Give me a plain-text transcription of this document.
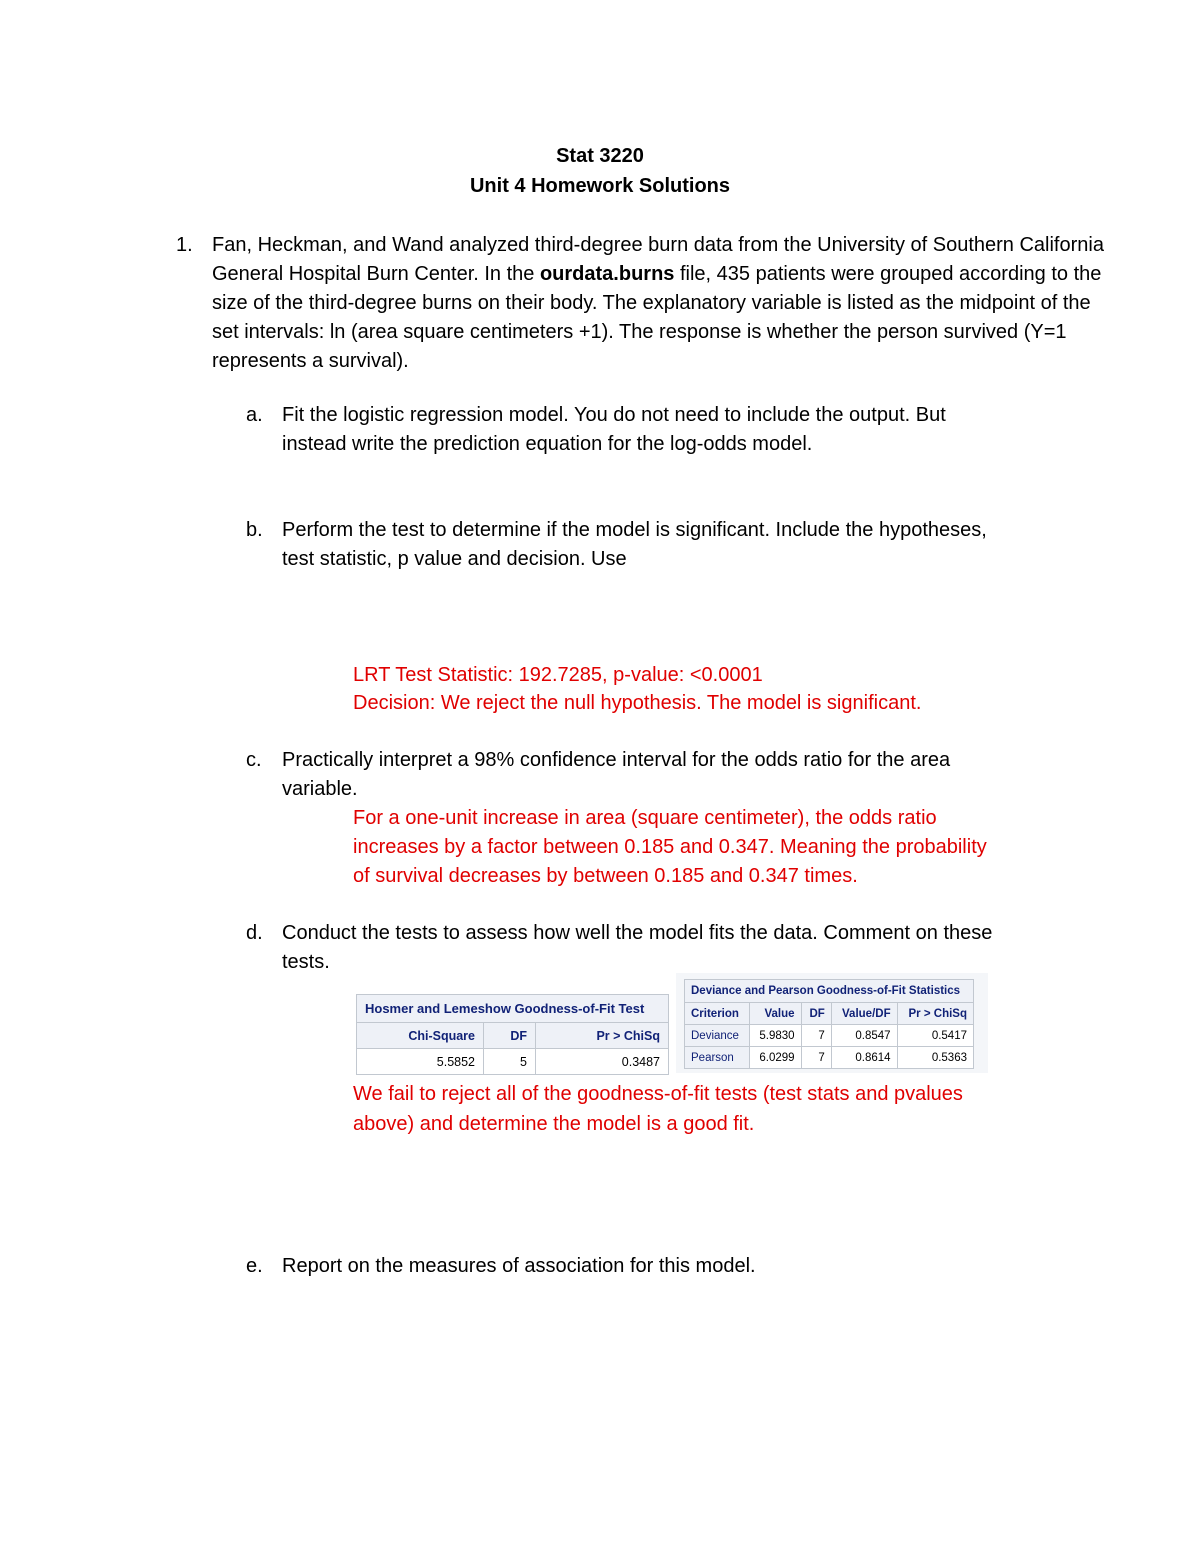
Stat 3220
Unit 4 Homework Solutions
1. Fan, Heckman, and Wand analyzed third-degree burn data from the University of Southern California General Hospital Burn Center. In the ourdata.burns file, 435 patients were grouped according to the size of the third-degree burns on their body. The explanatory variable is listed as the midpoint of the set intervals: ln (area square centimeters +1). The response is whether the person survived (Y=1 represents a survival).
a. Fit the logistic regression model. You do not need to include the output. But
instead write the prediction equation for the log-odds model.
b. Perform the test to determine if the model is significant. Include the hypotheses,
test statistic, p value and decision. Use
LRT Test Statistic: 192.7285, p-value: <0.0001
Decision: We reject the null hypothesis. The model is significant.
c. Practically interpret a 98% confidence interval for the odds ratio for the area
variable.
For a one-unit increase in area (square centimeter), the odds ratio
increases by a factor between 0.185 and 0.347. Meaning the probability
of survival decreases by between 0.185 and 0.347 times.
d. Conduct the tests to assess how well the model fits the data. Comment on these
tests.
Hosmer and Lemeshow Goodness-of-Fit Test		
Chi-Square	DF	Pr > ChiSq
5.5852	5	0.3487
Deviance and Pearson Goodness-of-Fit Statistics				
Criterion	Value	DF	Value/DF	Pr > ChiSq
Deviance	5.9830	7	0.8547	0.5417
Pearson	6.0299	7	0.8614	0.5363
We fail to reject all of the goodness-of-fit tests (test stats and pvalues
above) and determine the model is a good fit.
e. Report on the measures of association for this model.
